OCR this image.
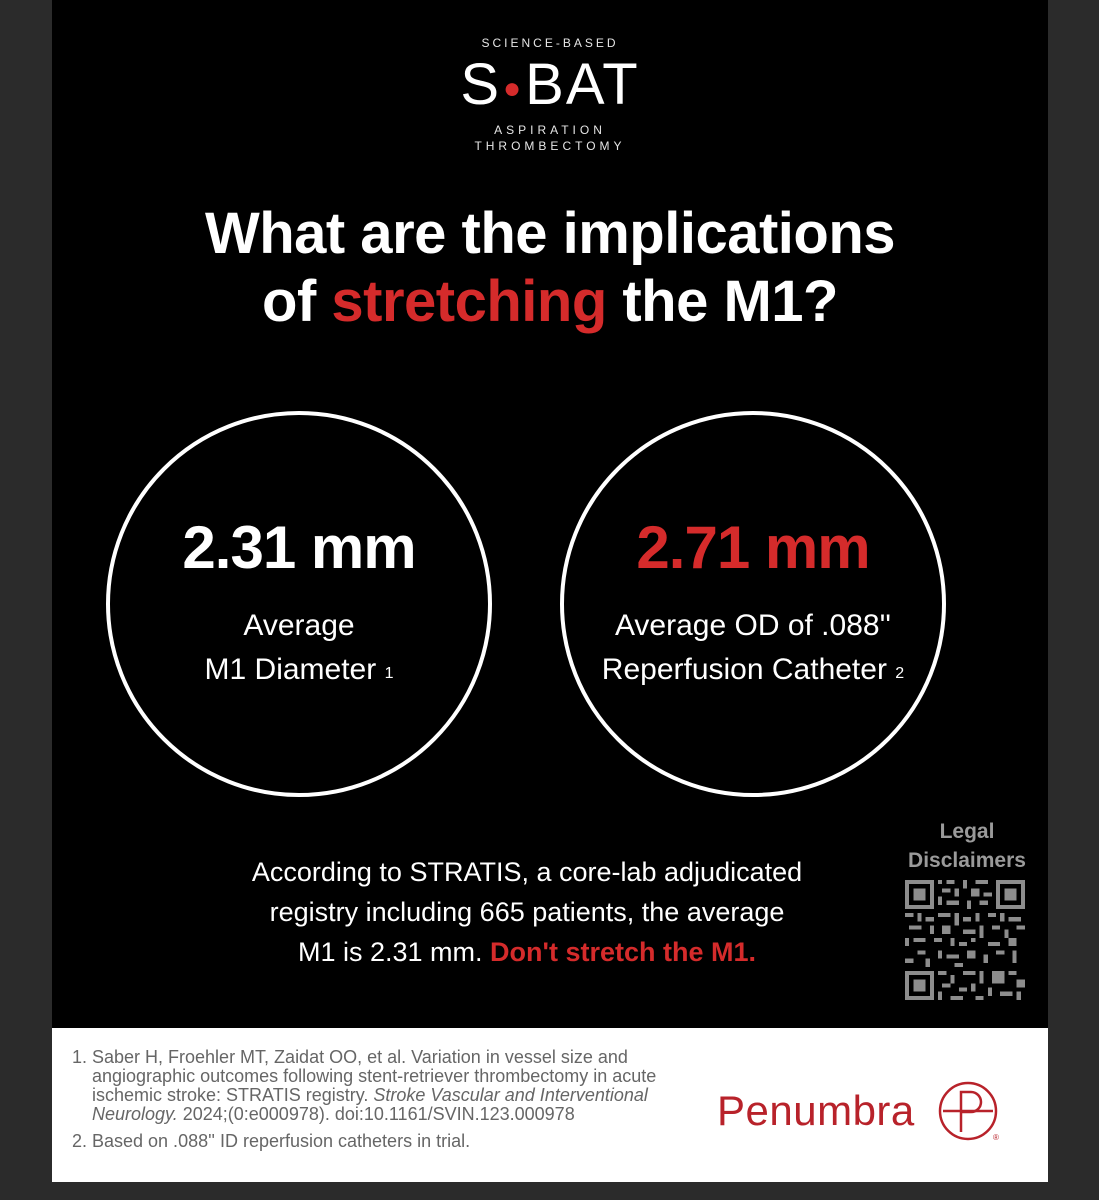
SCIENCE-BASED
S●BAT
ASPIRATION
THROMBECTOMY
What are the implications
of stretching the M1?
2.31 mm
Average
M1 Diameter $^1$
2.71 mm
Average OD of .088''
Reperfusion Catheter $^2$
According to STRATIS, a core-lab adjudicated
registry including 665 patients, the average
M1 is 2.31 mm. Don't stretch the M1.
Legal
Disclaimers
1. Saber H, Froehler MT, Zaidat OO, et al. Variation in vessel size and angiographic outcomes following stent-retriever thrombectomy in acute ischemic stroke: STRATIS registry. Stroke Vascular and Interventional Neurology. 2024;(0:e000978). doi:10.1161/SVIN.123.000978
2. Based on .088'' ID reperfusion catheters in trial.
Penumbra
®
